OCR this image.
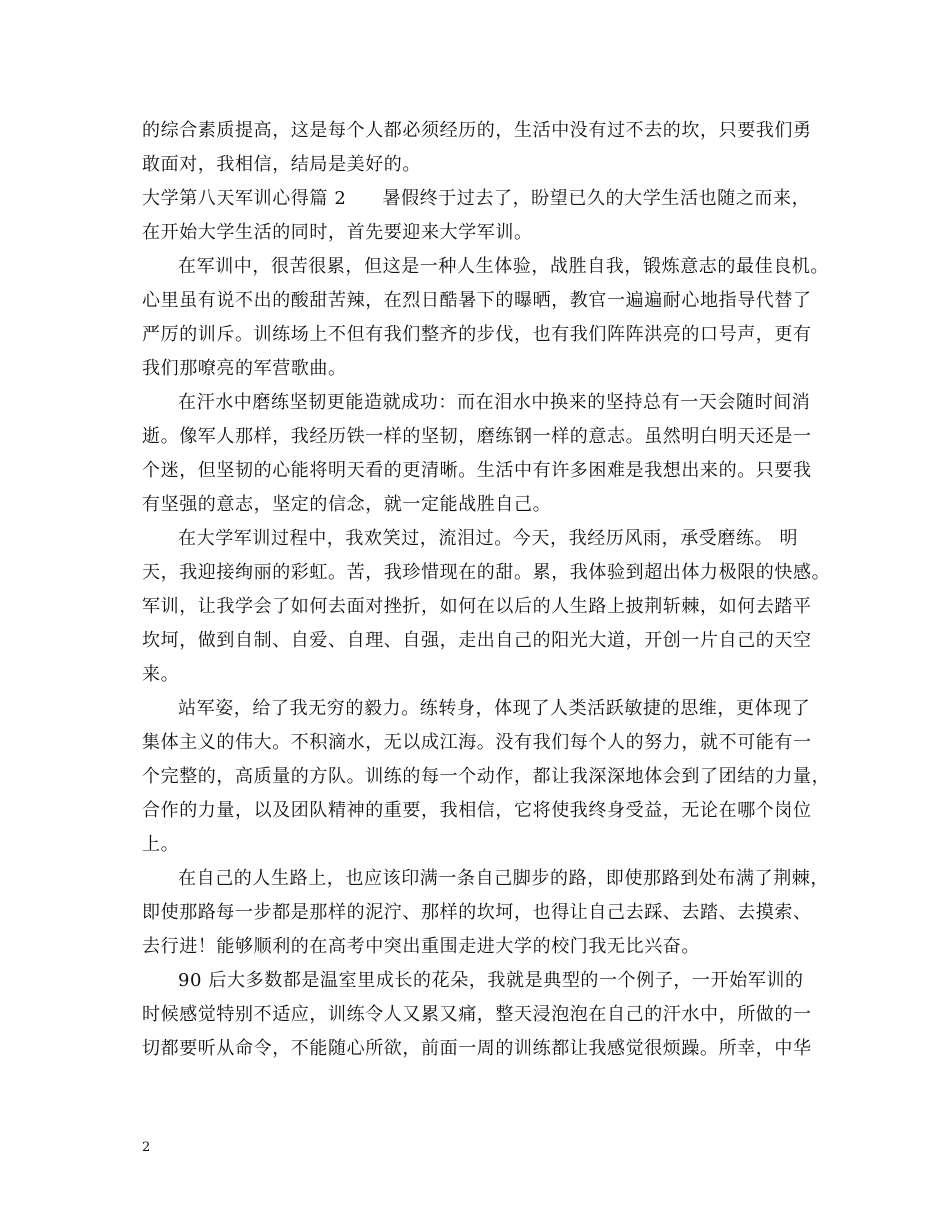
的综合素质提高，这是每个人都必须经历的，生活中没有过不去的坎，只要我们勇
敢面对，我相信，结局是美好的。
大学第八天军训心得篇 2 暑假终于过去了，盼望已久的大学生活也随之而来，
在开始大学生活的同时，首先要迎来大学军训。
在军训中，很苦很累，但这是一种人生体验，战胜自我，锻炼意志的最佳良机。
心里虽有说不出的酸甜苦辣，在烈日酷暑下的曝晒，教官一遍遍耐心地指导代替了
严厉的训斥。训练场上不但有我们整齐的步伐，也有我们阵阵洪亮的口号声，更有
我们那嘹亮的军营歌曲。
在汗水中磨练坚韧更能造就成功：而在泪水中换来的坚持总有一天会随时间消
逝。像军人那样，我经历铁一样的坚韧，磨练钢一样的意志。虽然明白明天还是一
个迷，但坚韧的心能将明天看的更清晰。生活中有许多困难是我想出来的。只要我
有坚强的意志，坚定的信念，就一定能战胜自己。
在大学军训过程中，我欢笑过，流泪过。今天，我经历风雨，承受磨练。 明
天，我迎接绚丽的彩虹。苦，我珍惜现在的甜。累，我体验到超出体力极限的快感。
军训，让我学会了如何去面对挫折，如何在以后的人生路上披荆斩棘，如何去踏平
坎坷，做到自制、自爱、自理、自强，走出自己的阳光大道，开创一片自己的天空
来。
站军姿，给了我无穷的毅力。练转身，体现了人类活跃敏捷的思维，更体现了
集体主义的伟大。不积滴水，无以成江海。没有我们每个人的努力，就不可能有一
个完整的，高质量的方队。训练的每一个动作，都让我深深地体会到了团结的力量，
合作的力量，以及团队精神的重要，我相信，它将使我终身受益，无论在哪个岗位
上。
在自己的人生路上，也应该印满一条自己脚步的路，即使那路到处布满了荆棘，
即使那路每一步都是那样的泥泞、那样的坎坷，也得让自己去踩、去踏、去摸索、
去行进！能够顺利的在高考中突出重围走进大学的校门我无比兴奋。
90 后大多数都是温室里成长的花朵，我就是典型的一个例子，一开始军训的
时候感觉特别不适应，训练令人又累又痛，整天浸泡泡在自己的汗水中，所做的一
切都要听从命令，不能随心所欲，前面一周的训练都让我感觉很烦躁。所幸，中华
2
